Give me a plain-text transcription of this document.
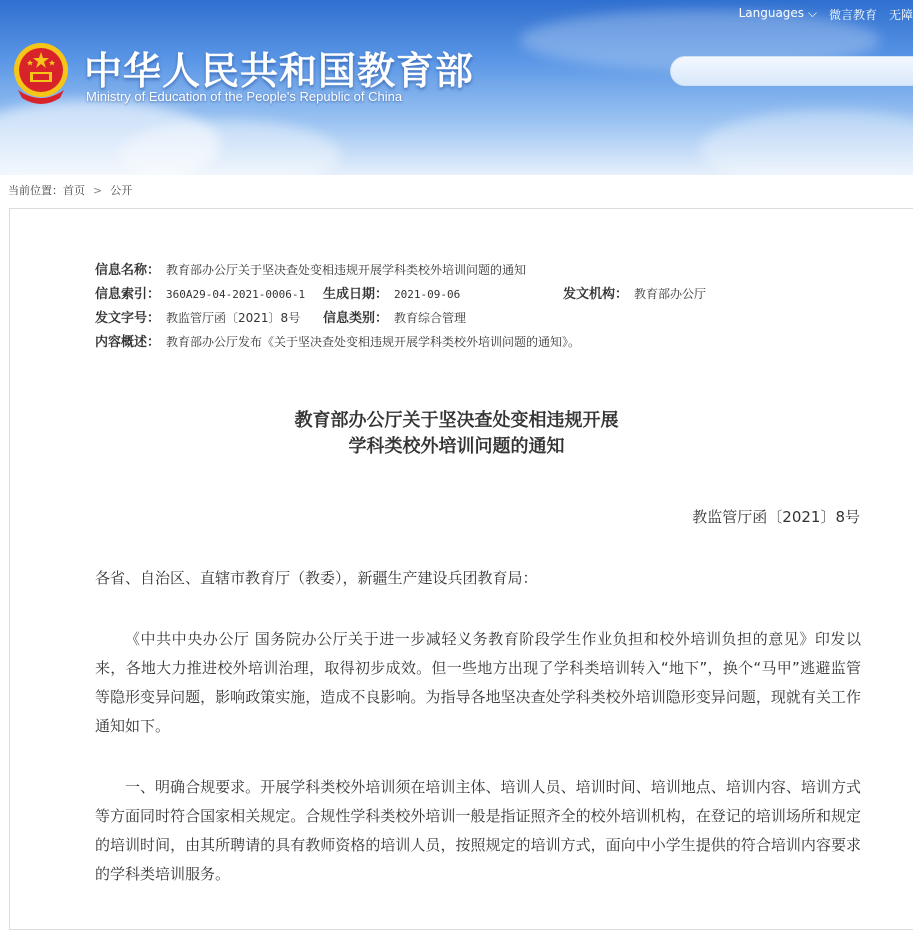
Languages ⌵ 微言教育 无障
中华人民共和国教育部
Ministry of Education of the People's Republic of China
当前位置：首页 > 公开
信息名称： 教育部办公厅关于坚决查处变相违规开展学科类校外培训问题的通知
信息索引： 360A29-04-2021-0006-1 生成日期： 2021-09-06	发文机构： 教育部办公厅
发文字号： 教监管厅函〔2021〕8号 信息类别： 教育综合管理
内容概述： 教育部办公厅发布《关于坚决查处变相违规开展学科类校外培训问题的通知》。
教育部办公厅关于坚决查处变相违规开展
学科类校外培训问题的通知
教监管厅函〔2021〕8号
各省、自治区、直辖市教育厅（教委），新疆生产建设兵团教育局：
《中共中央办公厅 国务院办公厅关于进一步减轻义务教育阶段学生作业负担和校外培训负担的意见》印发以来，各地大力推进校外培训治理，取得初步成效。但一些地方出现了学科类培训转入“地下”，换个“马甲”逃避监管等隐形变异问题，影响政策实施，造成不良影响。为指导各地坚决查处学科类校外培训隐形变异问题，现就有关工作通知如下。
一、明确合规要求。开展学科类校外培训须在培训主体、培训人员、培训时间、培训地点、培训内容、培训方式等方面同时符合国家相关规定。合规性学科类校外培训一般是指证照齐全的校外培训机构，在登记的培训场所和规定的培训时间，由其所聘请的具有教师资格的培训人员，按照规定的培训方式，面向中小学生提供的符合培训内容要求的学科类培训服务。
